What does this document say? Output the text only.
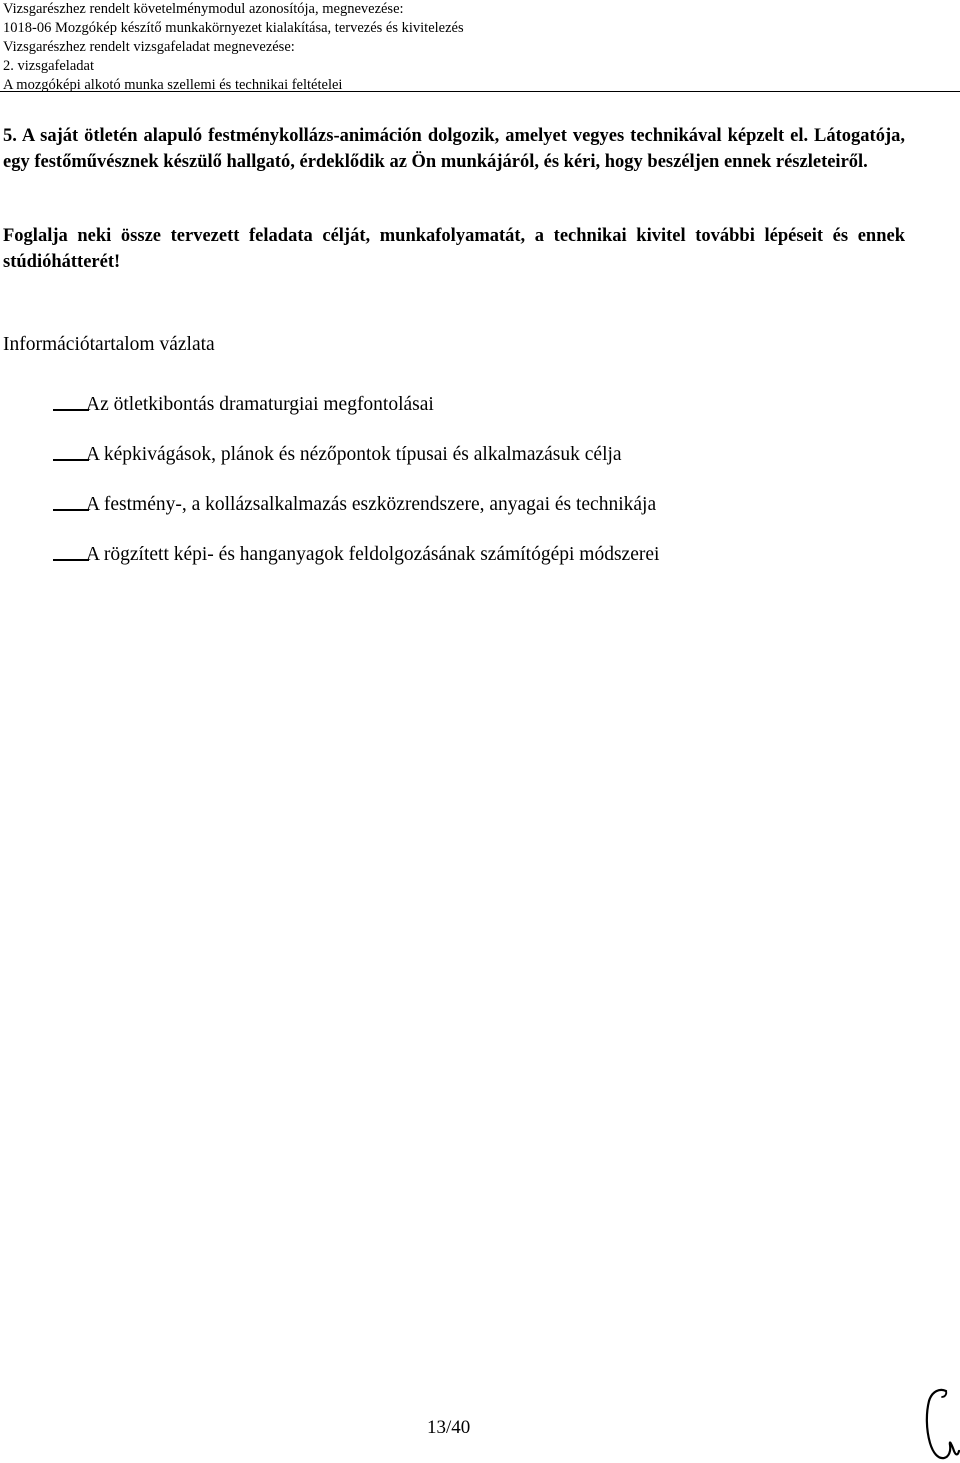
Vizsgarészhez rendelt követelménymodul azonosítója, megnevezése:
1018-06 Mozgókép készítő munkakörnyezet kialakítása, tervezés és kivitelezés
Vizsgarészhez rendelt vizsgafeladat megnevezése:
2. vizsgafeladat
A mozgóképi alkotó munka szellemi és technikai feltételei

5. A saját ötletén alapuló festménykollázs-animáción dolgozik, amelyet vegyes technikával képzelt el. Látogatója, egy festőművésznek készülő hallgató, érdeklődik az Ön munkájáról, és kéri, hogy beszéljen ennek részleteiről.

Foglalja neki össze tervezett feladata célját, munkafolyamatát, a technikai kivitel további lépéseit és ennek stúdióhátterét!

Információtartalom vázlata
Az ötletkibontás dramaturgiai megfontolásai
A képkivágások, plánok és nézőpontok típusai és alkalmazásuk célja
A festmény-, a kollázsalkalmazás eszközrendszere, anyagai és technikája
A rögzített képi- és hanganyagok feldolgozásának számítógépi módszerei
13/40
